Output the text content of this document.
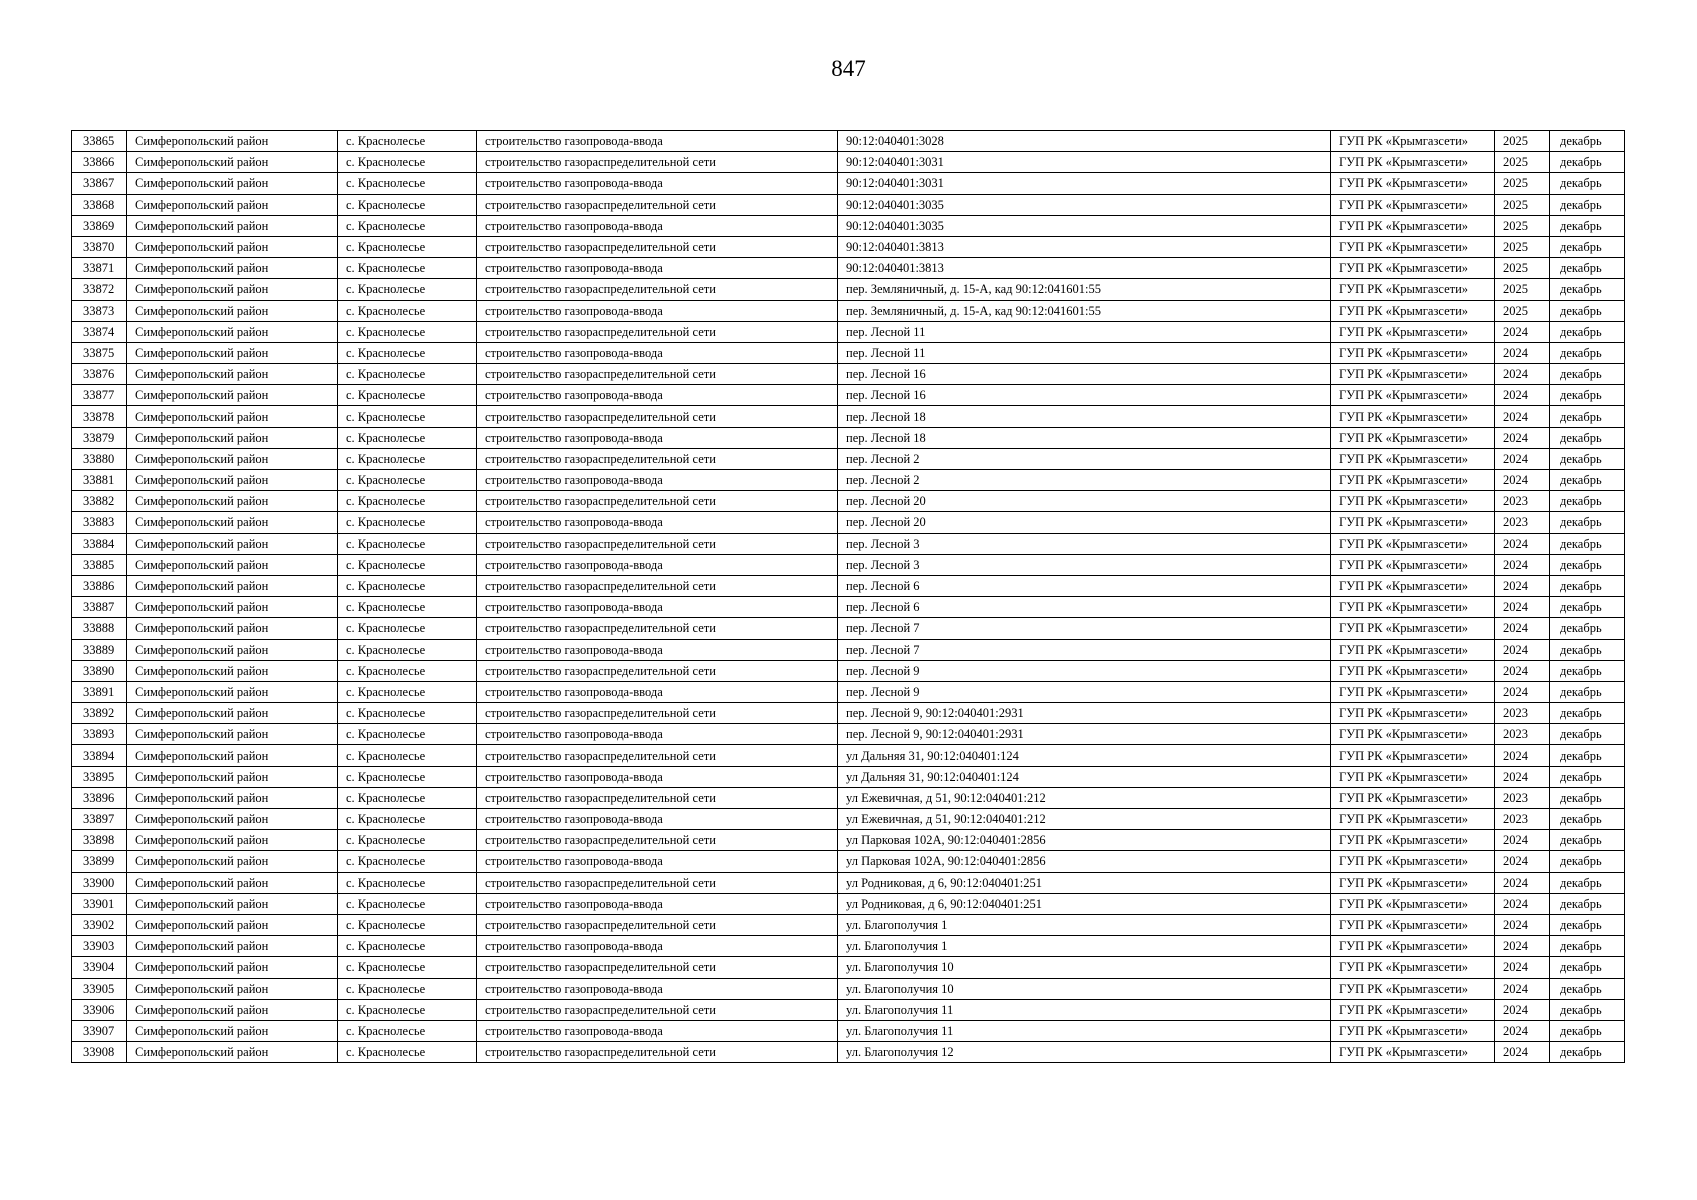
847
33865	Симферопольский район	с. Краснолесье	строительство газопровода-ввода	90:12:040401:3028	ГУП РК «Крымгазсети»	2025	декабрь
33866	Симферопольский район	с. Краснолесье	строительство газораспределительной сети	90:12:040401:3031	ГУП РК «Крымгазсети»	2025	декабрь
33867	Симферопольский район	с. Краснолесье	строительство газопровода-ввода	90:12:040401:3031	ГУП РК «Крымгазсети»	2025	декабрь
33868	Симферопольский район	с. Краснолесье	строительство газораспределительной сети	90:12:040401:3035	ГУП РК «Крымгазсети»	2025	декабрь
33869	Симферопольский район	с. Краснолесье	строительство газопровода-ввода	90:12:040401:3035	ГУП РК «Крымгазсети»	2025	декабрь
33870	Симферопольский район	с. Краснолесье	строительство газораспределительной сети	90:12:040401:3813	ГУП РК «Крымгазсети»	2025	декабрь
33871	Симферопольский район	с. Краснолесье	строительство газопровода-ввода	90:12:040401:3813	ГУП РК «Крымгазсети»	2025	декабрь
33872	Симферопольский район	с. Краснолесье	строительство газораспределительной сети	пер. Земляничный, д. 15-А, кад 90:12:041601:55	ГУП РК «Крымгазсети»	2025	декабрь
33873	Симферопольский район	с. Краснолесье	строительство газопровода-ввода	пер. Земляничный, д. 15-А, кад 90:12:041601:55	ГУП РК «Крымгазсети»	2025	декабрь
33874	Симферопольский район	с. Краснолесье	строительство газораспределительной сети	пер. Лесной 11	ГУП РК «Крымгазсети»	2024	декабрь
33875	Симферопольский район	с. Краснолесье	строительство газопровода-ввода	пер. Лесной 11	ГУП РК «Крымгазсети»	2024	декабрь
33876	Симферопольский район	с. Краснолесье	строительство газораспределительной сети	пер. Лесной 16	ГУП РК «Крымгазсети»	2024	декабрь
33877	Симферопольский район	с. Краснолесье	строительство газопровода-ввода	пер. Лесной 16	ГУП РК «Крымгазсети»	2024	декабрь
33878	Симферопольский район	с. Краснолесье	строительство газораспределительной сети	пер. Лесной 18	ГУП РК «Крымгазсети»	2024	декабрь
33879	Симферопольский район	с. Краснолесье	строительство газопровода-ввода	пер. Лесной 18	ГУП РК «Крымгазсети»	2024	декабрь
33880	Симферопольский район	с. Краснолесье	строительство газораспределительной сети	пер. Лесной 2	ГУП РК «Крымгазсети»	2024	декабрь
33881	Симферопольский район	с. Краснолесье	строительство газопровода-ввода	пер. Лесной 2	ГУП РК «Крымгазсети»	2024	декабрь
33882	Симферопольский район	с. Краснолесье	строительство газораспределительной сети	пер. Лесной 20	ГУП РК «Крымгазсети»	2023	декабрь
33883	Симферопольский район	с. Краснолесье	строительство газопровода-ввода	пер. Лесной 20	ГУП РК «Крымгазсети»	2023	декабрь
33884	Симферопольский район	с. Краснолесье	строительство газораспределительной сети	пер. Лесной 3	ГУП РК «Крымгазсети»	2024	декабрь
33885	Симферопольский район	с. Краснолесье	строительство газопровода-ввода	пер. Лесной 3	ГУП РК «Крымгазсети»	2024	декабрь
33886	Симферопольский район	с. Краснолесье	строительство газораспределительной сети	пер. Лесной 6	ГУП РК «Крымгазсети»	2024	декабрь
33887	Симферопольский район	с. Краснолесье	строительство газопровода-ввода	пер. Лесной 6	ГУП РК «Крымгазсети»	2024	декабрь
33888	Симферопольский район	с. Краснолесье	строительство газораспределительной сети	пер. Лесной 7	ГУП РК «Крымгазсети»	2024	декабрь
33889	Симферопольский район	с. Краснолесье	строительство газопровода-ввода	пер. Лесной 7	ГУП РК «Крымгазсети»	2024	декабрь
33890	Симферопольский район	с. Краснолесье	строительство газораспределительной сети	пер. Лесной 9	ГУП РК «Крымгазсети»	2024	декабрь
33891	Симферопольский район	с. Краснолесье	строительство газопровода-ввода	пер. Лесной 9	ГУП РК «Крымгазсети»	2024	декабрь
33892	Симферопольский район	с. Краснолесье	строительство газораспределительной сети	пер. Лесной 9, 90:12:040401:2931	ГУП РК «Крымгазсети»	2023	декабрь
33893	Симферопольский район	с. Краснолесье	строительство газопровода-ввода	пер. Лесной 9, 90:12:040401:2931	ГУП РК «Крымгазсети»	2023	декабрь
33894	Симферопольский район	с. Краснолесье	строительство газораспределительной сети	ул Дальняя 31, 90:12:040401:124	ГУП РК «Крымгазсети»	2024	декабрь
33895	Симферопольский район	с. Краснолесье	строительство газопровода-ввода	ул Дальняя 31, 90:12:040401:124	ГУП РК «Крымгазсети»	2024	декабрь
33896	Симферопольский район	с. Краснолесье	строительство газораспределительной сети	ул Ежевичная, д 51, 90:12:040401:212	ГУП РК «Крымгазсети»	2023	декабрь
33897	Симферопольский район	с. Краснолесье	строительство газопровода-ввода	ул Ежевичная, д 51, 90:12:040401:212	ГУП РК «Крымгазсети»	2023	декабрь
33898	Симферопольский район	с. Краснолесье	строительство газораспределительной сети	ул Парковая 102А, 90:12:040401:2856	ГУП РК «Крымгазсети»	2024	декабрь
33899	Симферопольский район	с. Краснолесье	строительство газопровода-ввода	ул Парковая 102А, 90:12:040401:2856	ГУП РК «Крымгазсети»	2024	декабрь
33900	Симферопольский район	с. Краснолесье	строительство газораспределительной сети	ул Родниковая, д 6, 90:12:040401:251	ГУП РК «Крымгазсети»	2024	декабрь
33901	Симферопольский район	с. Краснолесье	строительство газопровода-ввода	ул Родниковая, д 6, 90:12:040401:251	ГУП РК «Крымгазсети»	2024	декабрь
33902	Симферопольский район	с. Краснолесье	строительство газораспределительной сети	ул. Благополучия 1	ГУП РК «Крымгазсети»	2024	декабрь
33903	Симферопольский район	с. Краснолесье	строительство газопровода-ввода	ул. Благополучия 1	ГУП РК «Крымгазсети»	2024	декабрь
33904	Симферопольский район	с. Краснолесье	строительство газораспределительной сети	ул. Благополучия 10	ГУП РК «Крымгазсети»	2024	декабрь
33905	Симферопольский район	с. Краснолесье	строительство газопровода-ввода	ул. Благополучия 10	ГУП РК «Крымгазсети»	2024	декабрь
33906	Симферопольский район	с. Краснолесье	строительство газораспределительной сети	ул. Благополучия 11	ГУП РК «Крымгазсети»	2024	декабрь
33907	Симферопольский район	с. Краснолесье	строительство газопровода-ввода	ул. Благополучия 11	ГУП РК «Крымгазсети»	2024	декабрь
33908	Симферопольский район	с. Краснолесье	строительство газораспределительной сети	ул. Благополучия 12	ГУП РК «Крымгазсети»	2024	декабрь
